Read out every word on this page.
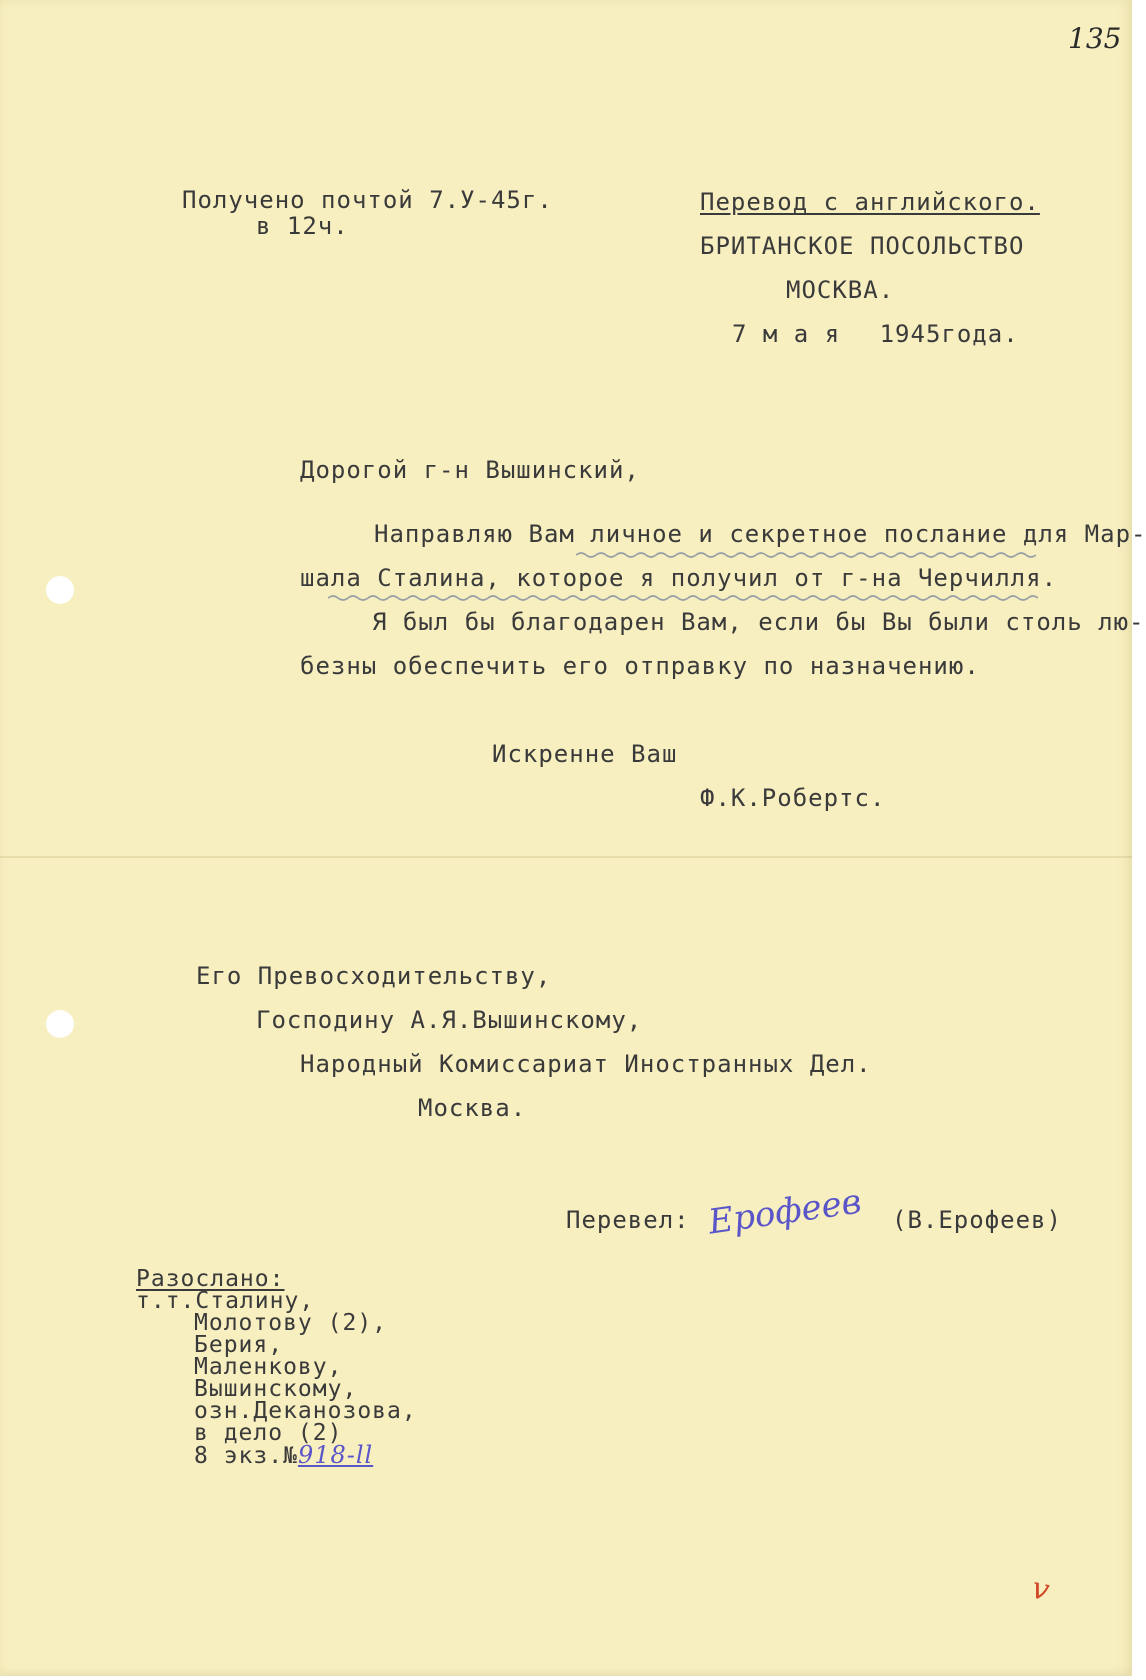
135
Получено почтой 7.У-45г.
в 12ч.
Перевод с английского.
БРИТАНСКОЕ ПОСОЛЬСТВО
МОСКВА.
7 м а я 1945года.
Дорогой г-н Вышинский,
Направляю Вам личное и секретное послание для Мар-
шала Сталина, которое я получил от г-на Черчилля.
Я был бы благодарен Вам, если бы Вы были столь лю-
безны обеспечить его отправку по назначению.
Искренне Ваш
Ф.К.Робертс.
Его Превосходительству,
Господину А.Я.Вышинскому,
Народный Комиссариат Иностранных Дел.
Москва.
Перевел: Ерофеев (В.Ерофеев)
Разослано:
т.т.Сталину,
Молотову (2),
Берия,
Маленкову,
Вышинскому,
озн.Деканозова,
в дело (2)
8 экз.№918-ll
v
